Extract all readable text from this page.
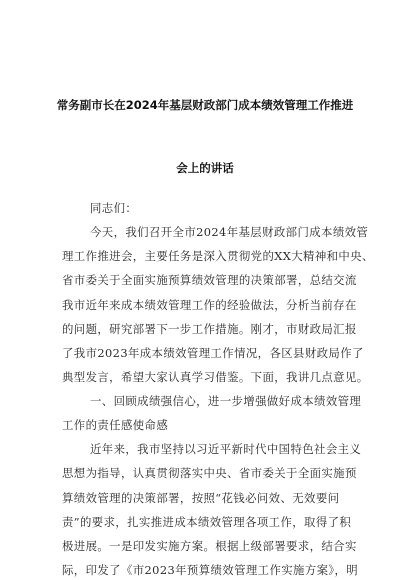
常务副市长在2024年基层财政部门成本绩效管理工作推进
会上的讲话
同志们：
今天，我们召开全市2024年基层财政部门成本绩效管
理工作推进会，主要任务是深入贯彻党的XX大精神和中央、
省市委关于全面实施预算绩效管理的决策部署，总结交流
我市近年来成本绩效管理工作的经验做法，分析当前存在
的问题，研究部署下一步工作措施。刚才，市财政局汇报
了我市2023年成本绩效管理工作情况，各区县财政局作了
典型发言，希望大家认真学习借鉴。下面，我讲几点意见。
一、回顾成绩强信心，进一步增强做好成本绩效管理
工作的责任感使命感
近年来，我市坚持以习近平新时代中国特色社会主义
思想为指导，认真贯彻落实中央、省市委关于全面实施预
算绩效管理的决策部署，按照“花钱必问效、无效要问
责”的要求，扎实推进成本绩效管理各项工作，取得了积
极进展。一是印发实施方案。根据上级部署要求，结合实
际，印发了《市2023年预算绩效管理工作实施方案》，明
